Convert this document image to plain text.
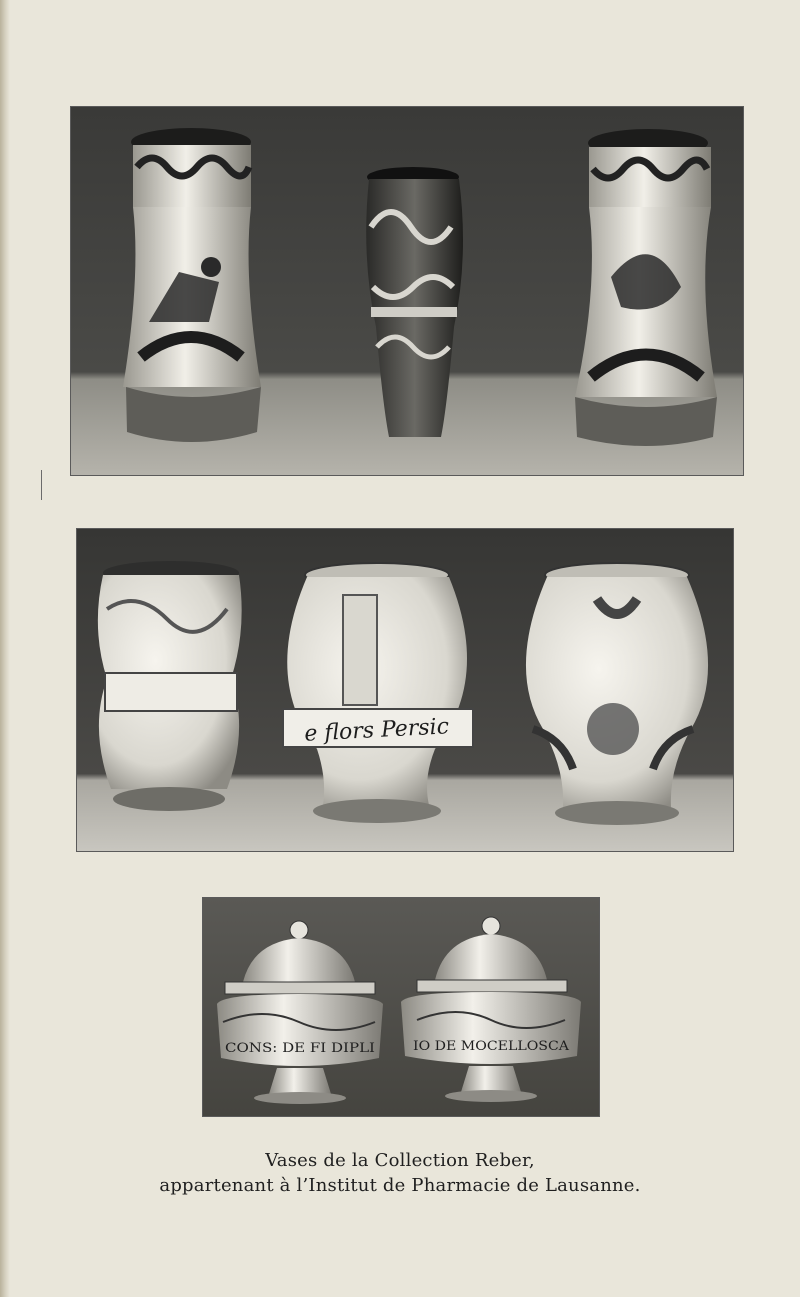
e flors Persic
CONS: DE FI DIPLI	IO DE MOCELLOSCA
Vases de la Collection Reber,
appartenant à l’Institut de Pharmacie de Lausanne.
